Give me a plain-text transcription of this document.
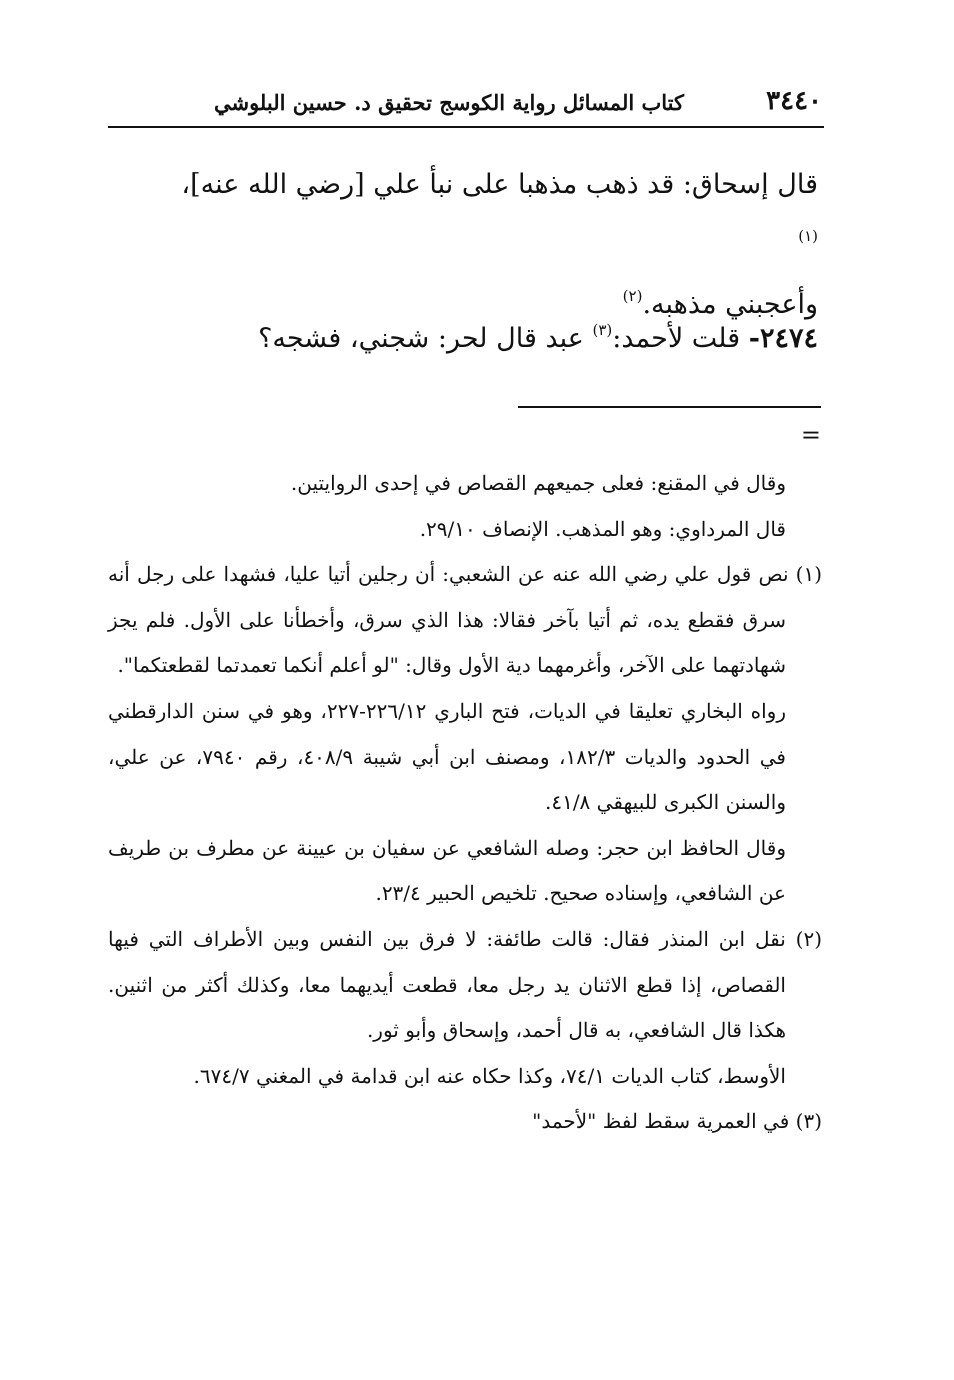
٣٤٤٠
كتاب المسائل رواية الكوسج تحقيق د. حسين البلوشي
قال إسحاق: قد ذهب مذهبا على نبأ علي [رضي الله عنه]،$^{(١)}$
وأعجبني مذهبه.$^{(٢)}$
٢٤٧٤- قلت لأحمد:$^{(٣)}$ عبد قال لحر: شجني، فشجه؟
=

وقال في المقنع: فعلى جميعهم القصاص في إحدى الروايتين.

قال المرداوي: وهو المذهب. الإنصاف ٢٩/١٠.

(١) نص قول علي رضي الله عنه عن الشعبي: أن رجلين أتيا عليا، فشهدا على رجل أنه سرق فقطع يده، ثم أتيا بآخر فقالا: هذا الذي سرق، وأخطأنا على الأول. فلم يجز شهادتهما على الآخر، وأغرمهما دية الأول وقال: "لو أعلم أنكما تعمدتما لقطعتكما".

رواه البخاري تعليقا في الديات، فتح الباري ٢٢٦/١٢-٢٢٧، وهو في سنن الدارقطني في الحدود والديات ١٨٢/٣، ومصنف ابن أبي شيبة ٤٠٨/٩، رقم ٧٩٤٠، عن علي، والسنن الكبرى للبيهقي ٤١/٨.

وقال الحافظ ابن حجر: وصله الشافعي عن سفيان بن عيينة عن مطرف بن طريف عن الشافعي، وإسناده صحيح. تلخيص الحبير ٢٣/٤.

(٢) نقل ابن المنذر فقال: قالت طائفة: لا فرق بين النفس وبين الأطراف التي فيها القصاص، إذا قطع الاثنان يد رجل معا، قطعت أيديهما معا، وكذلك أكثر من اثنين. هكذا قال الشافعي، به قال أحمد، وإسحاق وأبو ثور.

الأوسط، كتاب الديات ٧٤/١، وكذا حكاه عنه ابن قدامة في المغني ٦٧٤/٧.

(٣) في العمرية سقط لفظ "لأحمد"
